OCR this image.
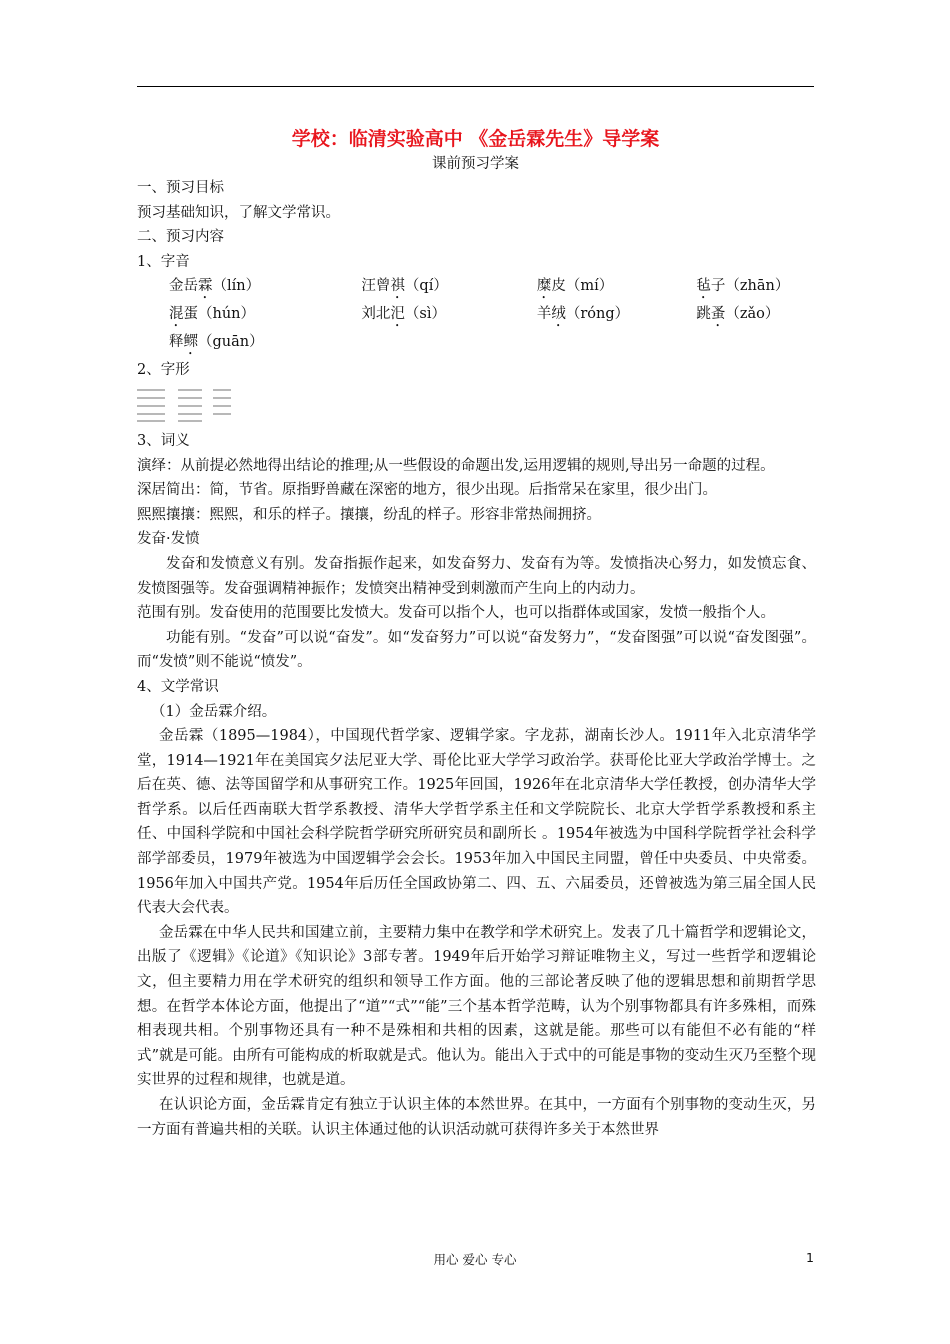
学校：临清实验高中 《金岳霖先生》导学案
课前预习学案
一、预习目标
预习基础知识，了解文学常识。
二、预习内容
1、字音
金岳霖（lín）	汪曾祺（qí）	糜皮（mí）	毡子（zhān）
混蛋（hún）	刘北汜（sì）	羊绒（róng）	跳蚤（zǎo）
释鳏（guān）
2、字形
3、词义
演绎：从前提必然地得出结论的推理;从一些假设的命题出发,运用逻辑的规则,导出另一命题的过程。
深居简出：简，节省。原指野兽藏在深密的地方，很少出现。后指常呆在家里，很少出门。
熙熙攘攘：熙熙，和乐的样子。攘攘，纷乱的样子。形容非常热闹拥挤。
发奋·发愤
发奋和发愤意义有别。发奋指振作起来，如发奋努力、发奋有为等。发愤指决心努力，如发愤忘食、发愤图强等。发奋强调精神振作；发愤突出精神受到刺激而产生向上的内动力。
范围有别。发奋使用的范围要比发愤大。发奋可以指个人，也可以指群体或国家，发愤一般指个人。
功能有别。“发奋”可以说“奋发”。如“发奋努力”可以说“奋发努力”，“发奋图强”可以说“奋发图强”。而“发愤”则不能说“愤发”。
4、文学常识
（1）金岳霖介绍。
金岳霖（1895—1984），中国现代哲学家、逻辑学家。字龙荪，湖南长沙人。1911年入北京清华学堂，1914—1921年在美国宾夕法尼亚大学、哥伦比亚大学学习政治学。获哥伦比亚大学政治学博士。之后在英、德、法等国留学和从事研究工作。1925年回国，1926年在北京清华大学任教授，创办清华大学哲学系。以后任西南联大哲学系教授、清华大学哲学系主任和文学院院长、北京大学哲学系教授和系主任、中国科学院和中国社会科学院哲学研究所研究员和副所长 。1954年被选为中国科学院哲学社会科学部学部委员，1979年被选为中国逻辑学会会长。1953年加入中国民主同盟，曾任中央委员、中央常委。1956年加入中国共产党。1954年后历任全国政协第二、四、五、六届委员，还曾被选为第三届全国人民代表大会代表。
金岳霖在中华人民共和国建立前，主要精力集中在教学和学术研究上。发表了几十篇哲学和逻辑论文，出版了《逻辑》《论道》《知识论》3部专著。1949年后开始学习辩证唯物主义，写过一些哲学和逻辑论文，但主要精力用在学术研究的组织和领导工作方面。他的三部论著反映了他的逻辑思想和前期哲学思想。在哲学本体论方面，他提出了“道”“式”“能”三个基本哲学范畴，认为个别事物都具有许多殊相，而殊相表现共相。个别事物还具有一种不是殊相和共相的因素，这就是能。那些可以有能但不必有能的“样式”就是可能。由所有可能构成的析取就是式。他认为。能出入于式中的可能是事物的变动生灭乃至整个现实世界的过程和规律，也就是道。
在认识论方面，金岳霖肯定有独立于认识主体的本然世界。在其中，一方面有个别事物的变动生灭，另一方面有普遍共相的关联。认识主体通过他的认识活动就可获得许多关于本然世界
用心 爱心 专心	1
